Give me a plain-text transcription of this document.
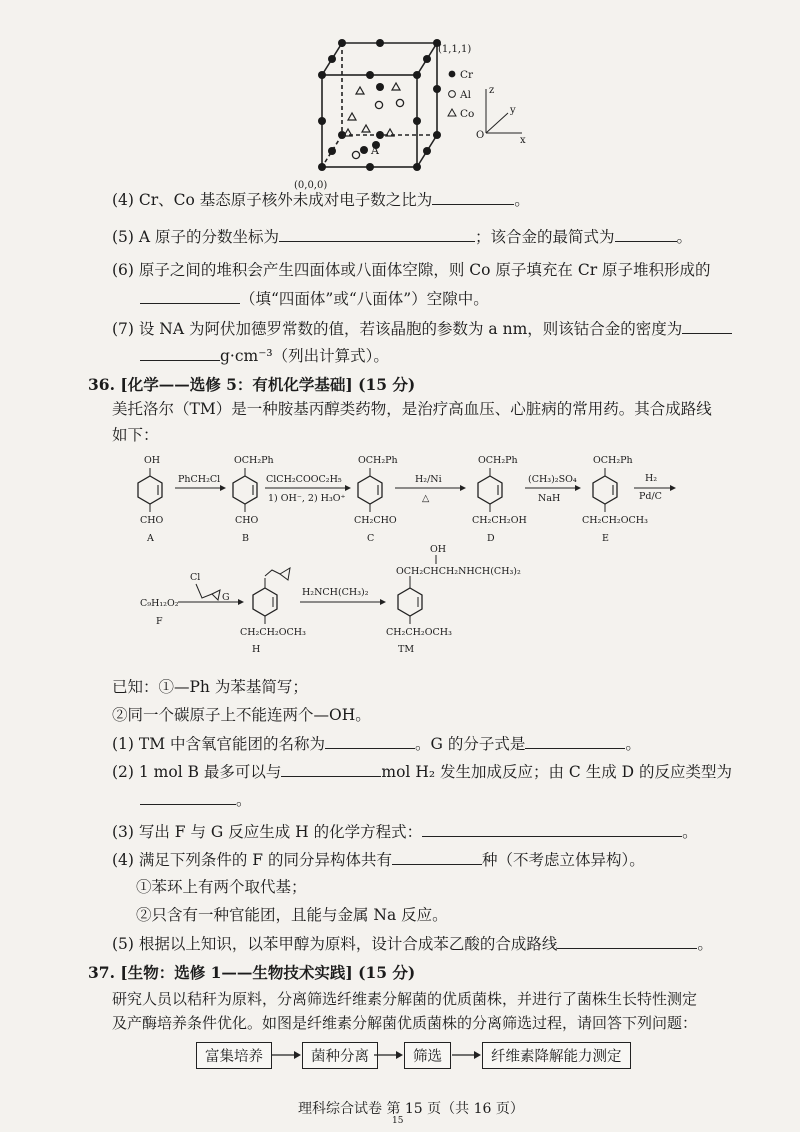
A
(1,1,1)
(0,0,0)
Cr
Al
Co
z
y
x
O
(4) Cr、Co 基态原子核外未成对电子数之比为	。
(5) A 原子的分数坐标为	；该合金的最简式为	。
(6) 原子之间的堆积会产生四面体或八面体空隙，则 Co 原子填充在 Cr 原子堆积形成的
（填“四面体”或“八面体”）空隙中。
(7) 设 NA 为阿伏加德罗常数的值，若该晶胞的参数为 a nm，则该钴合金的密度为
g·cm⁻³（列出计算式）。
36. [化学——选修 5：有机化学基础] (15 分)
美托洛尔（TM）是一种胺基丙醇类药物，是治疗高血压、心脏病的常用药。其合成路线
如下：
OH
CHO
A
PhCH₂Cl
OCH₂Ph
CHO
B
ClCH₂COOC₂H₅
1) OH⁻, 2) H₃O⁺
OCH₂Ph
CH₂CHO
C
H₂/Ni
△
OCH₂Ph
CH₂CH₂OH
D
(CH₃)₂SO₄
NaH
OCH₂Ph
CH₂CH₂OCH₃
E
H₂
Pd/C
C₉H₁₂O₂
F
Cl
G
CH₂CH₂OCH₃
H
H₂NCH(CH₃)₂
OCH₂CHCH₂NHCH(CH₃)₂
OH
CH₂CH₂OCH₃
TM
已知：①—Ph 为苯基简写；
②同一个碳原子上不能连两个—OH。
(1) TM 中含氧官能团的名称为	。G 的分子式是	。
(2) 1 mol B 最多可以与	mol H₂ 发生加成反应；由 C 生成 D 的反应类型为
。
(3) 写出 F 与 G 反应生成 H 的化学方程式：	。
(4) 满足下列条件的 F 的同分异构体共有	种（不考虑立体异构）。
①苯环上有两个取代基；
②只含有一种官能团，且能与金属 Na 反应。
(5) 根据以上知识，以苯甲醇为原料，设计合成苯乙酸的合成路线	。
37. [生物：选修 1——生物技术实践] (15 分)
研究人员以秸秆为原料，分离筛选纤维素分解菌的优质菌株，并进行了菌株生长特性测定
及产酶培养条件优化。如图是纤维素分解菌优质菌株的分离筛选过程，请回答下列问题：
富集培养	菌种分离	筛选	纤维素降解能力测定
理科综合试卷 第 15 页（共 16 页）
15
